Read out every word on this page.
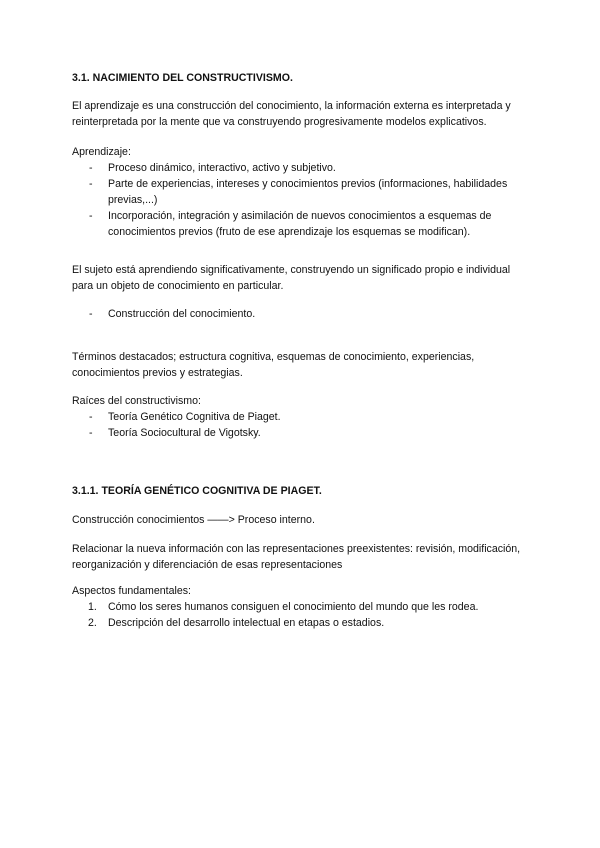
3.1. NACIMIENTO DEL CONSTRUCTIVISMO.

El aprendizaje es una construcción del conocimiento, la información externa es interpretada y reinterpretada por la mente que va construyendo progresivamente modelos explicativos.

Aprendizaje:

- Proceso dinámico, interactivo, activo y subjetivo.
- Parte de experiencias, intereses y conocimientos previos (informaciones, habilidades previas,...)
- Incorporación, integración y asimilación de nuevos conocimientos a esquemas de conocimientos previos (fruto de ese aprendizaje los esquemas se modifican).

El sujeto está aprendiendo significativamente, construyendo un significado propio e individual para un objeto de conocimiento en particular.

- Construcción del conocimiento.

Términos destacados; estructura cognitiva, esquemas de conocimiento, experiencias, conocimientos previos y estrategias.

Raíces del constructivismo:

- Teoría Genético Cognitiva de Piaget.
- Teoría Sociocultural de Vigotsky.
3.1.1. TEORÍA GENÉTICO COGNITIVA DE PIAGET.

Construcción conocimientos ——> Proceso interno.

Relacionar la nueva información con las representaciones preexistentes: revisión, modificación, reorganización y diferenciación de esas representaciones

Aspectos fundamentales:

1. Cómo los seres humanos consiguen el conocimiento del mundo que les rodea.
2. Descripción del desarrollo intelectual en etapas o estadios.
